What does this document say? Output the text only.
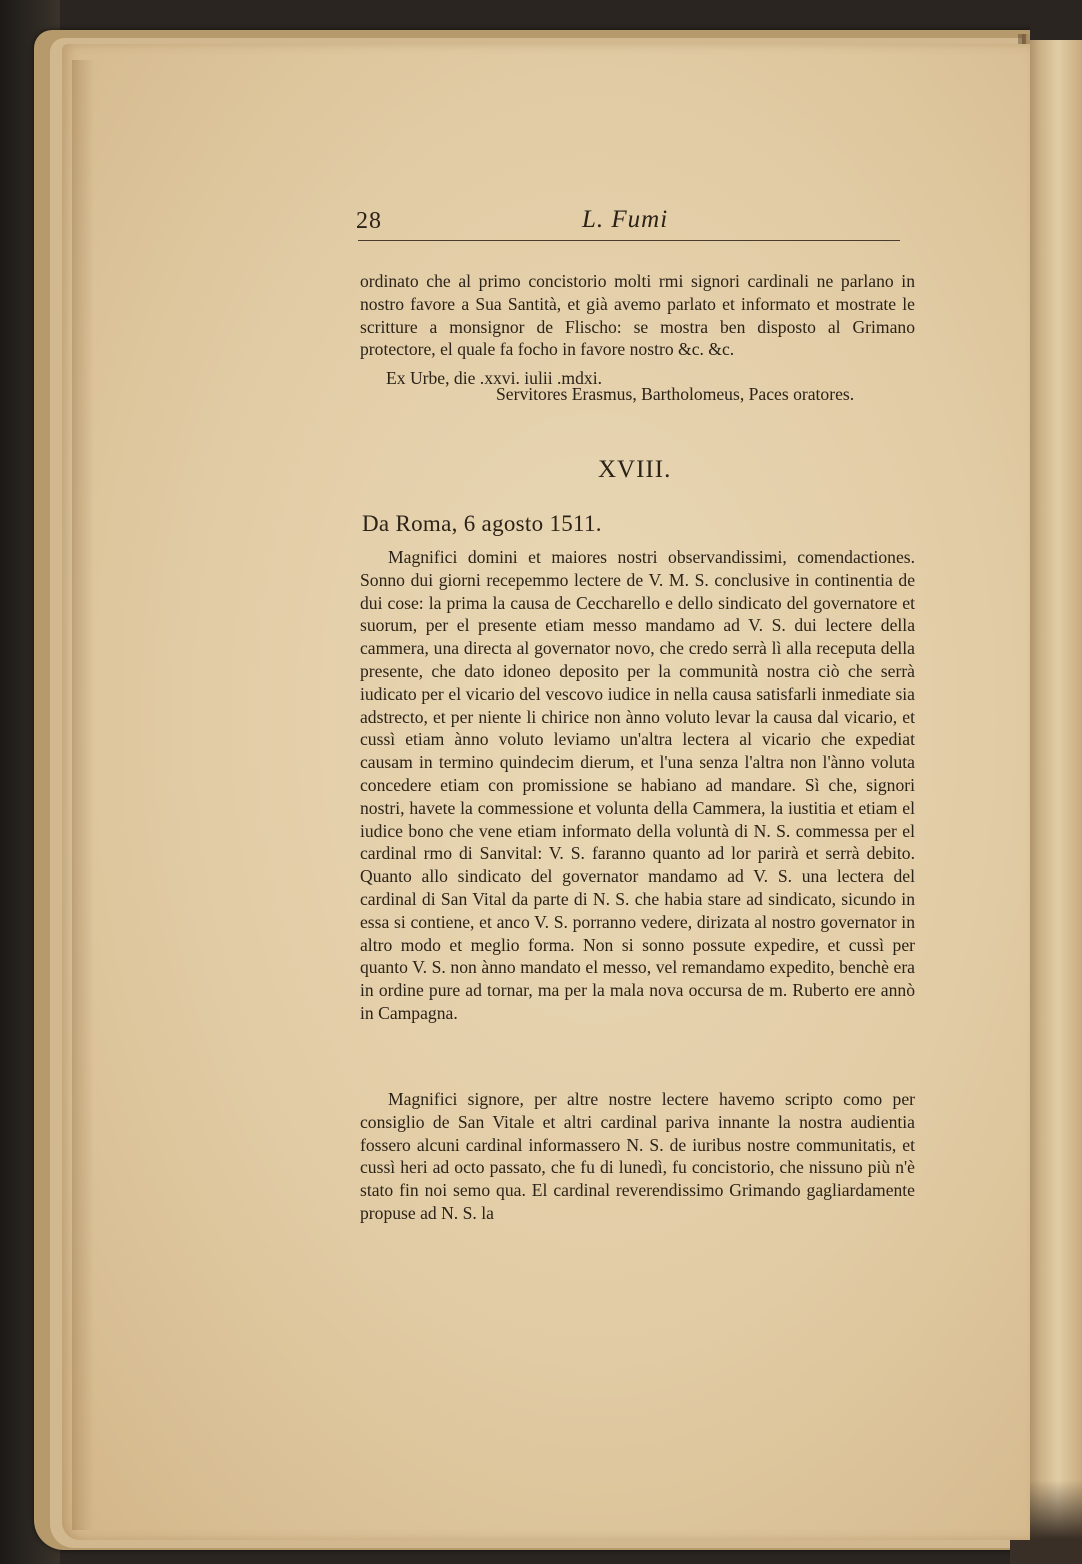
28	L. Fumi

ordinato che al primo concistorio molti rmi signori cardinali ne parlano in nostro favore a Sua Santità, et già avemo parlato et informato et mostrate le scritture a monsignor de Flischo: se mostra ben disposto al Grimano protectore, el quale fa focho in favore nostro &c. &c.

Ex Urbe, die .xxvi. iulii .mdxi.
Servitores Erasmus, Bartholomeus, Paces oratores.
XVIII.
Da Roma, 6 agosto 1511.

Magnifici domini et maiores nostri observandissimi, comendactiones. Sonno dui giorni recepemmo lectere de V. M. S. conclusive in continentia de dui cose: la prima la causa de Ceccharello e dello sindicato del governatore et suorum, per el presente etiam messo mandamo ad V. S. dui lectere della cammera, una directa al governator novo, che credo serrà lì alla receputa della presente, che dato idoneo deposito per la communità nostra ciò che serrà iudicato per el vicario del vescovo iudice in nella causa satisfarli inmediate sia adstrecto, et per niente li chirice non ànno voluto levar la causa dal vicario, et cussì etiam ànno voluto leviamo un'altra lectera al vicario che expediat causam in termino quindecim dierum, et l'una senza l'altra non l'ànno voluta concedere etiam con promissione se habiano ad mandare. Sì che, signori nostri, havete la commessione et volunta della Cammera, la iustitia et etiam el iudice bono che vene etiam informato della voluntà di N. S. commessa per el cardinal rmo di Sanvital: V. S. faranno quanto ad lor parirà et serrà debito. Quanto allo sindicato del governator mandamo ad V. S. una lectera del cardinal di San Vital da parte di N. S. che habia stare ad sindicato, sicundo in essa si contiene, et anco V. S. porranno vedere, dirizata al nostro governator in altro modo et meglio forma. Non si sonno possute expedire, et cussì per quanto V. S. non ànno mandato el messo, vel remandamo expedito, benchè era in ordine pure ad tornar, ma per la mala nova occursa de m. Ruberto ere annò in Campagna.

Magnifici signore, per altre nostre lectere havemo scripto como per consiglio de San Vitale et altri cardinal pariva innante la nostra audientia fossero alcuni cardinal informassero N. S. de iuribus nostre communitatis, et cussì heri ad octo passato, che fu di lunedì, fu concistorio, che nissuno più n'è stato fin noi semo qua. El cardinal reverendissimo Grimando gagliardamente propuse ad N. S. la
